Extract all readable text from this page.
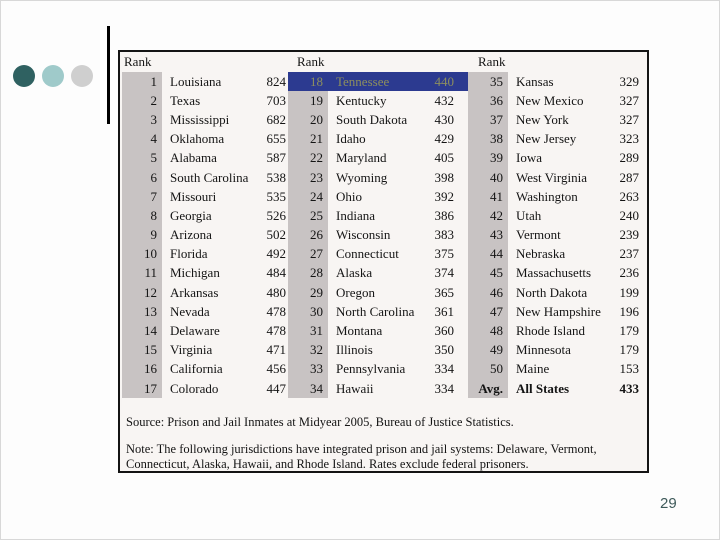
Rank	Rank	Rank
1	Louisiana	824
2	Texas	703
3	Mississippi	682
4	Oklahoma	655
5	Alabama	587
6	South Carolina 538
7	Missouri	535
8	Georgia	526
9	Arizona	502
10	Florida	492
11	Michigan	484
12	Arkansas	480
13	Nevada	478
14	Delaware	478
15	Virginia	471
16	California	456
17	Colorado	447
18	Tennessee	440
19	Kentucky	432
20	South Dakota 430
21	Idaho	429
22	Maryland	405
23	Wyoming	398
24	Ohio	392
25	Indiana	386
26	Wisconsin	383
27	Connecticut	375
28	Alaska	374
29	Oregon	365
30	North Carolina 361
31	Montana	360
32	Illinois	350
33	Pennsylvania 334
34	Hawaii	334
35	Kansas	329
36	New Mexico	327
37	New York	327
38	New Jersey	323
39	Iowa	289
40	West Virginia	287
41	Washington	263
42	Utah	240
43	Vermont	239
44	Nebraska	237
45	Massachusetts 236
46	North Dakota 199
47	New Hampshire 196
48	Rhode Island	179
49	Minnesota	179
50	Maine	153
Avg.	All States	433
Source: Prison and Jail Inmates at Midyear 2005, Bureau of Justice Statistics.
Note: The following jurisdictions have integrated prison and jail systems: Delaware, Vermont, Connecticut, Alaska, Hawaii, and Rhode Island. Rates exclude federal prisoners.
29
